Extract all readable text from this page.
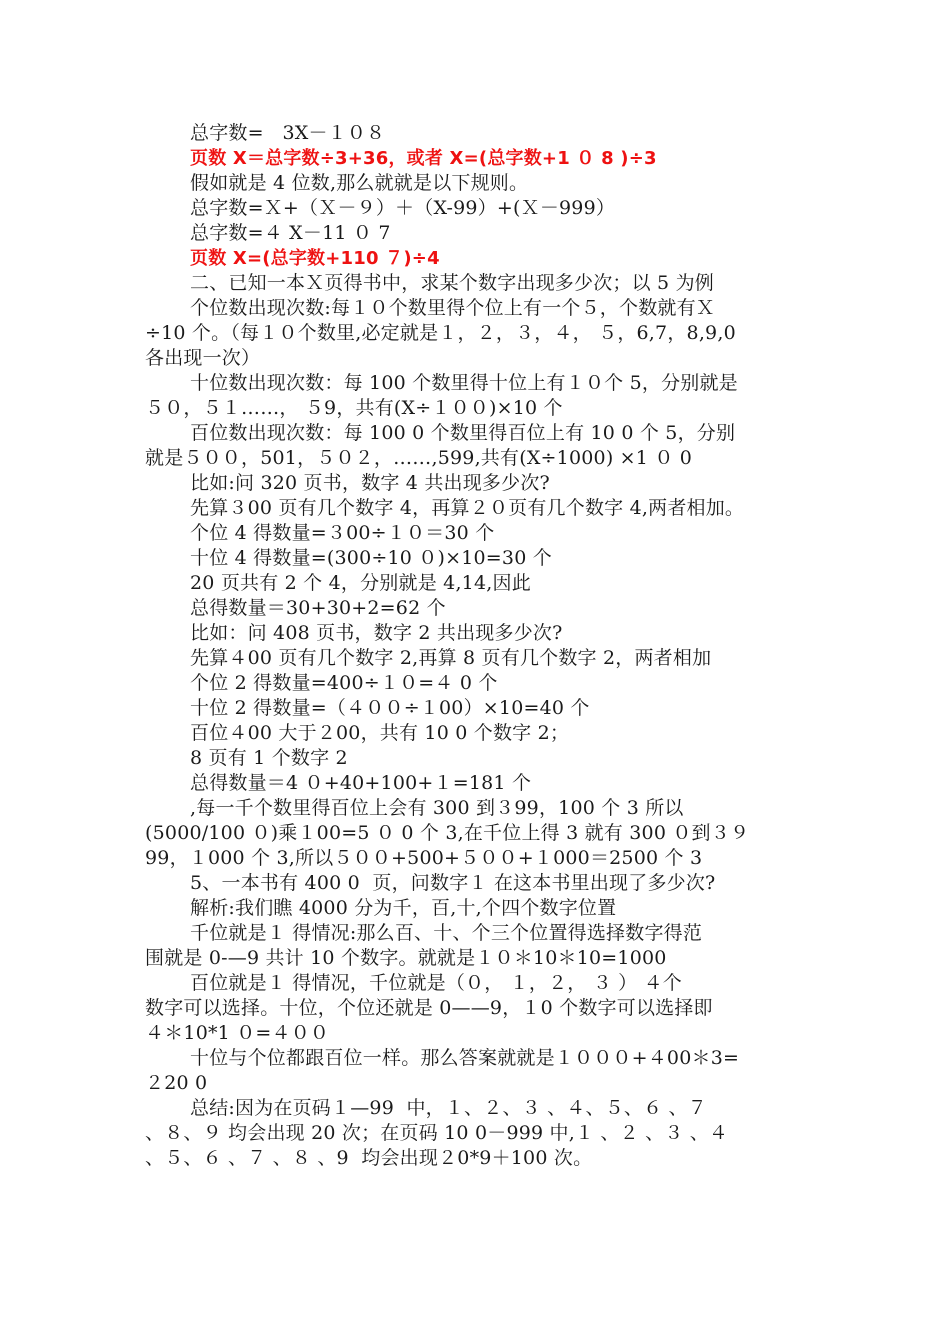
总字数=   3X－１０８
页数 X＝总字数÷3+36，或者 X=(总字数+1 ０ 8 )÷3
假如就是 4 位数,那么就就是以下规则。
总字数=Ｘ+（Ｘ－９）＋（X-99）+(Ｘ－999）
总字数=４ X－11 ０ 7
页数 X=(总字数+110 ７)÷4
二、已知一本Ｘ页得书中，求某个数字出现多少次；以 5 为例
个位数出现次数:每１０个数里得个位上有一个５，个数就有Ｘ
÷10 个。（每１０个数里,必定就是１，２，３，４， ５，6,7，8,9,0
各出现一次）
十位数出现次数：每 100 个数里得十位上有１０个 5，分别就是
５０，５１……， ５9，共有(X÷１００)×10 个
百位数出现次数：每 100 0 个数里得百位上有 10 0 个 5，分别
就是５００，501，５０２，……,599,共有(X÷1000) ×1 ０ 0
比如:问 320 页书，数字 4 共出现多少次?
先算３00 页有几个数字 4，再算２０页有几个数字 4,两者相加。
个位 4 得数量=３00÷１０＝30 个
十位 4 得数量=(300÷10 ０)×10=30 个
20 页共有 2 个 4，分别就是 4,14,因此
总得数量＝30+30+2=62 个
比如：问 408 页书，数字 2 共出现多少次?
先算４00 页有几个数字 2,再算 8 页有几个数字 2，两者相加
个位 2 得数量=400÷１０=４ 0 个
十位 2 得数量=（４００÷１00）×10=40 个
百位４00 大于２00，共有 10 0 个数字 2；
8 页有 1 个数字 2
总得数量＝4 ０+40+100+１=181 个
,每一千个数里得百位上会有 300 到３99，100 个 3 所以
(5000/100 ０)乘１00=5 ０ 0 个 3,在千位上得 3 就有 300 ０到３９
99，１000 个 3,所以５００+500+５００+１000＝2500 个 3
5、一本书有 400 0  页，问数字１ 在这本书里出现了多少次?
解析:我们瞧 4000 分为千，百,十,个四个数字位置
千位就是１ 得情况:那么百、十、个三个位置得选择数字得范
围就是 0-—9 共计 10 个数字。就就是１０＊10＊10=1000
百位就是１ 得情况，千位就是（０， １，２， ３ ） ４个
数字可以选择。十位，个位还就是 0——9，１0 个数字可以选择即
４＊10*1 ０=４００
十位与个位都跟百位一样。那么答案就就是１０００+４00＊3=
２20 0
总结:因为在页码１—99  中，１、２、３ 、４、５、６ 、７
、８、９ 均会出现 20 次；在页码 10 0－999 中,１ 、２ 、３ 、４
、５、６ 、７ 、８ 、9  均会出现２0*9＋100 次。
